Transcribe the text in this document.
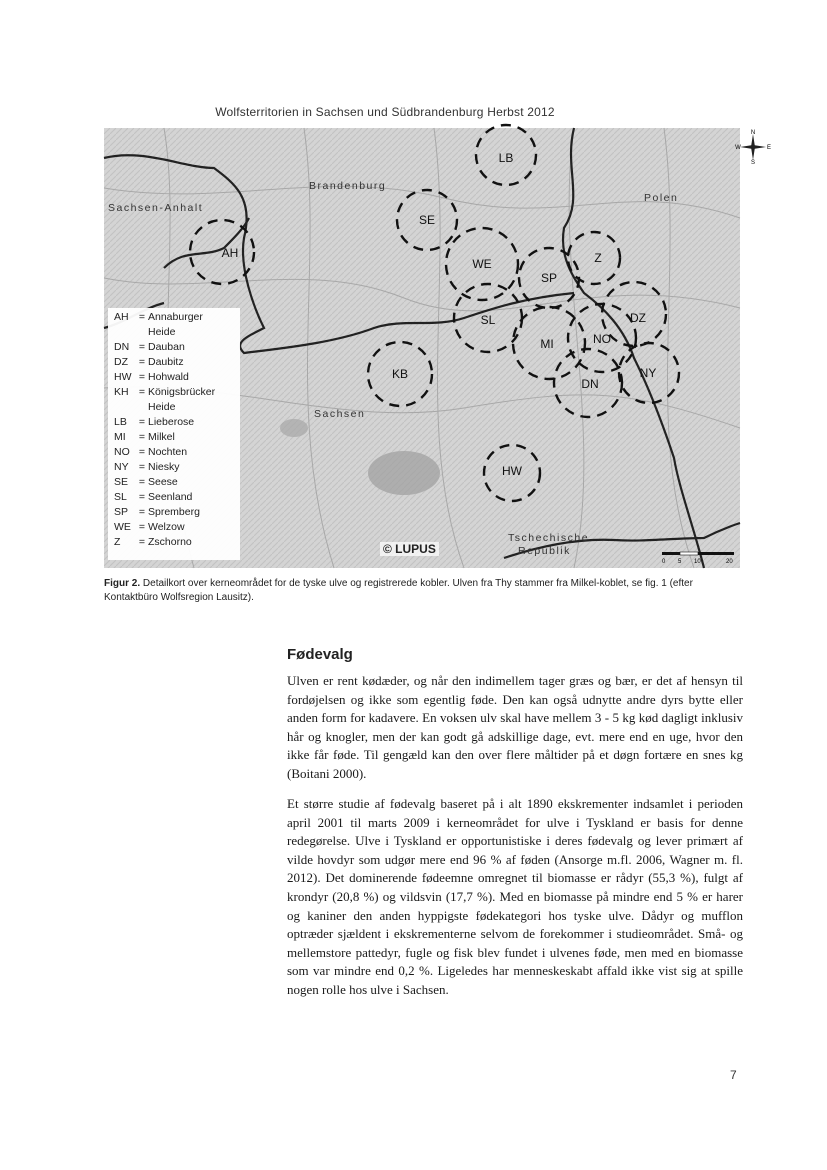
Wolfsterritorien in Sachsen und Südbrandenburg Herbst 2012
Brandenburg
Sachsen-Anhalt
Polen
Sachsen
Tschechische
Republik
LB
SE
AH
WE
SP
Z
SL
MI	NO
DZ
NY
DN
KB
HW
N
S
E
W
© LUPUS
0 5 10	20
AH = Annaburger
Heide
DN = Dauban
DZ	= Daubitz
HW = Hohwald
KH = Königsbrücker
Heide
LB	= Lieberose
MI	= Milkel
NO = Nochten
NY = Niesky
SE	= Seese
SL	= Seenland
SP	= Spremberg
WE = Welzow
Z	= Zschorno
Figur 2. Detailkort over kerneområdet for de tyske ulve og registrerede kobler. Ulven fra Thy stammer fra Milkel-koblet, se fig. 1 (efter Kontaktbüro Wolfsregion Lausitz).
Fødevalg

Ulven er rent kødæder, og når den indimellem tager græs og bær, er det af hensyn til fordøjelsen og ikke som egentlig føde. Den kan også udnytte andre dyrs bytte eller anden form for kadavere. En voksen ulv skal have mellem 3 - 5 kg kød dagligt inklusiv hår og knogler, men der kan godt gå adskillige dage, evt. mere end en uge, hvor den ikke får føde. Til gengæld kan den over flere måltider på et døgn fortære en snes kg (Boitani 2000).

Et større studie af fødevalg baseret på i alt 1890 ekskrementer indsamlet i perioden april 2001 til marts 2009 i kerneområdet for ulve i Tyskland er basis for denne redegørelse. Ulve i Tyskland er opportunistiske i deres fødevalg og lever primært af vilde hovdyr som udgør mere end 96 % af føden (Ansorge m.fl. 2006, Wagner m. fl. 2012). Det dominerende fødeemne omregnet til biomasse er rådyr (55,3 %), fulgt af krondyr (20,8 %) og vildsvin (17,7 %). Med en biomasse på mindre end 5 % er harer og kaniner den anden hyppigste fødekategori hos tyske ulve. Dådyr og mufflon optræder sjældent i ekskrementerne selvom de forekommer i studieområdet. Små- og mellemstore pattedyr, fugle og fisk blev fundet i ulvenes føde, men med en biomasse som var mindre end 0,2 %. Ligeledes har menneskeskabt affald ikke vist sig at spille nogen rolle hos ulve i Sachsen.

7
